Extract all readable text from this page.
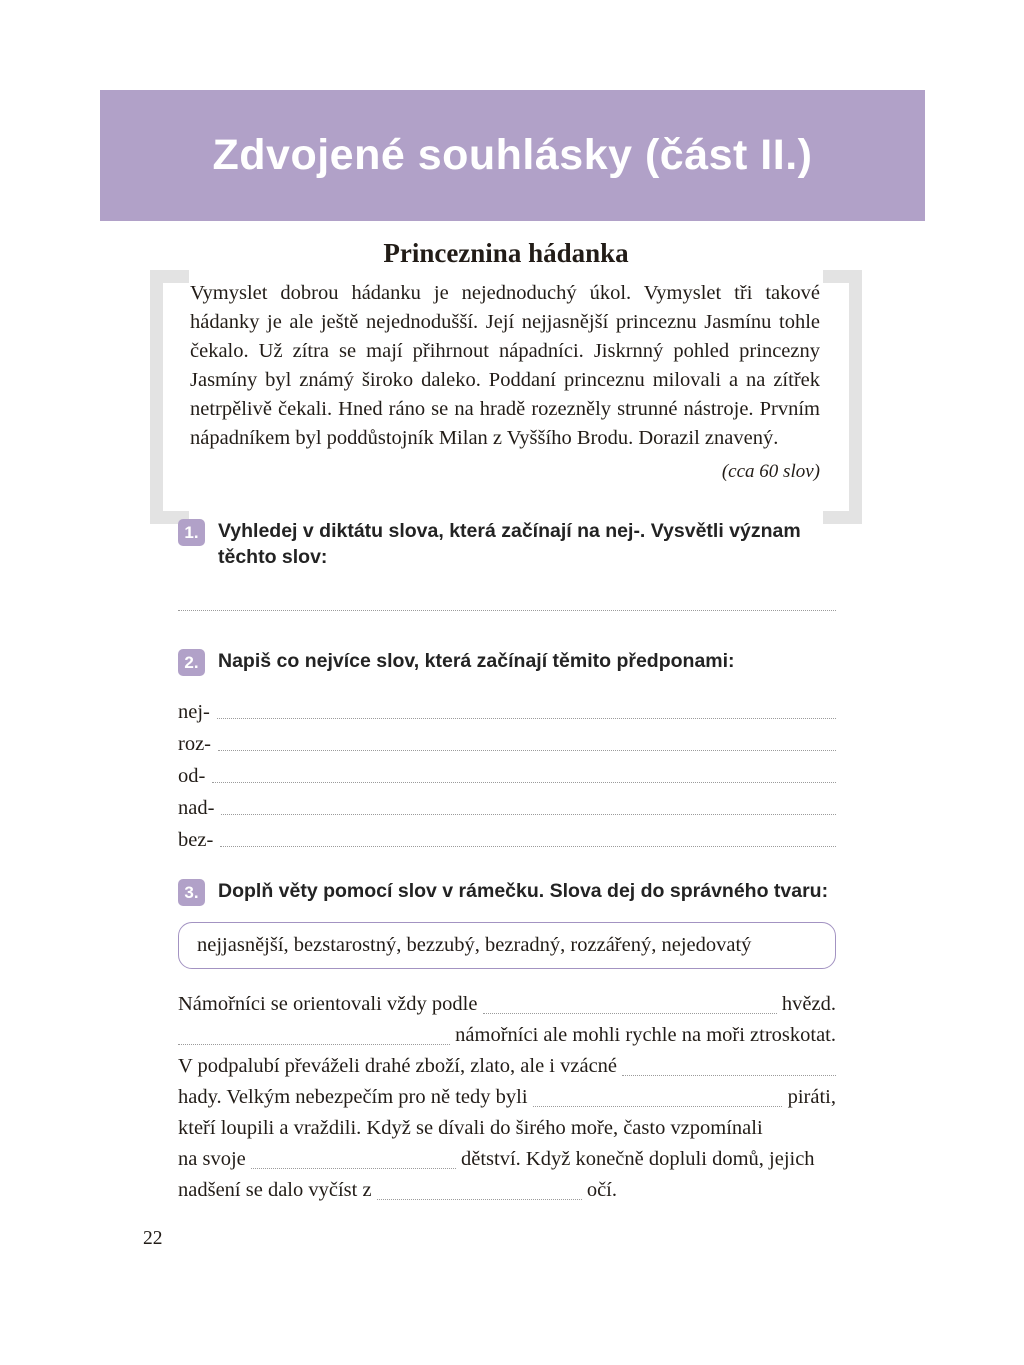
Zdvojené souhlásky (část II.)
Princeznina hádanka

Vymyslet dobrou hádanku je nejednoduchý úkol. Vymyslet tři takové hádanky je ale ještě nejednodušší. Její nejjasnější princeznu Jasmínu tohle čekalo. Už zítra se mají přihrnout nápadníci. Jiskrnný pohled princezny Jasmíny byl známý široko daleko. Poddaní princeznu milovali a na zítřek netrpělivě čekali. Hned ráno se na hradě rozezněly strunné nástroje. Prvním nápadníkem byl poddůstojník Milan z Vyššího Brodu. Dorazil znavený.

(cca 60 slov)

1. Vyhledej v diktátu slova, která začínají na nej-. Vysvětli význam těchto slov:

2. Napiš co nejvíce slov, která začínají těmito předponami:

nej-
roz-
od-
nad-
bez-
3. Doplň věty pomocí slov v rámečku. Slova dej do správného tvaru:

nejjasnější, bezstarostný, bezzubý, bezradný, rozzářený, nejedovatý
Námořníci se orientovali vždy podle	hvězd.
námořníci ale mohli rychle na moři ztroskotat.
V podpalubí převáželi drahé zboží, zlato, ale i vzácné
hady. Velkým nebezpečím pro ně tedy byli	piráti,
kteří loupili a vraždili. Když se dívali do širého moře, často vzpomínali
na svoje	dětství. Když konečně dopluli domů, jejich
nadšení se dalo vyčíst z	očí.
22
